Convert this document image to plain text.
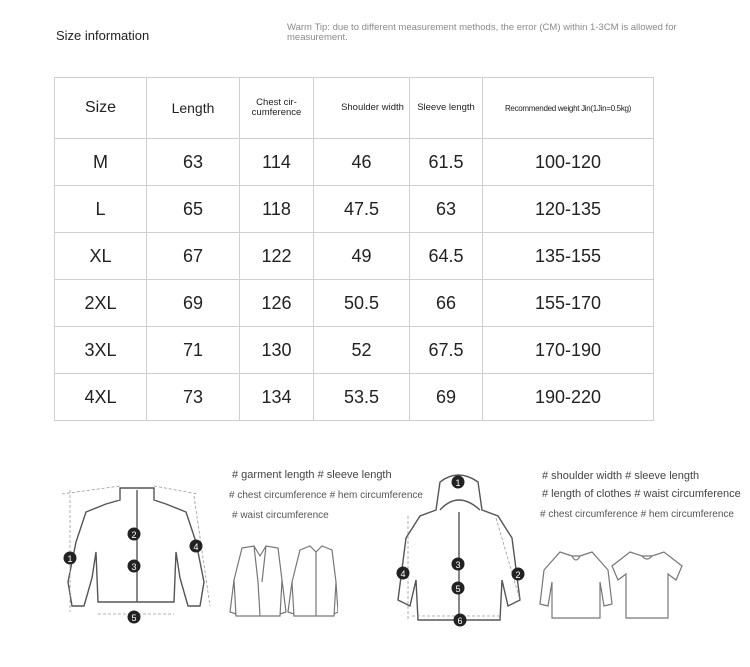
Size information
Warm Tip: due to different measurement methods, the error (CM) within 1-3CM is allowed for measurement.
Size	Length	Chest cir-cumference	Shoulder width	Sleeve length	Recommended weight Jin(1Jin=0.5kg)
M	63	114	46	61.5	100-120
L	65	118	47.5	63	120-135
XL	67	122	49	64.5	135-155
2XL	69	126	50.5	66	155-170
3XL	71	130	52	67.5	170-190
4XL	73	134	53.5	69	190-220
# garment length # sleeve length
# chest circumference # hem circumference
# waist circumference
# shoulder width # sleeve length
# length of clothes # waist circumference
# chest circumference # hem circumference
1
2
3
4
5
1
2
3
4
5
6
